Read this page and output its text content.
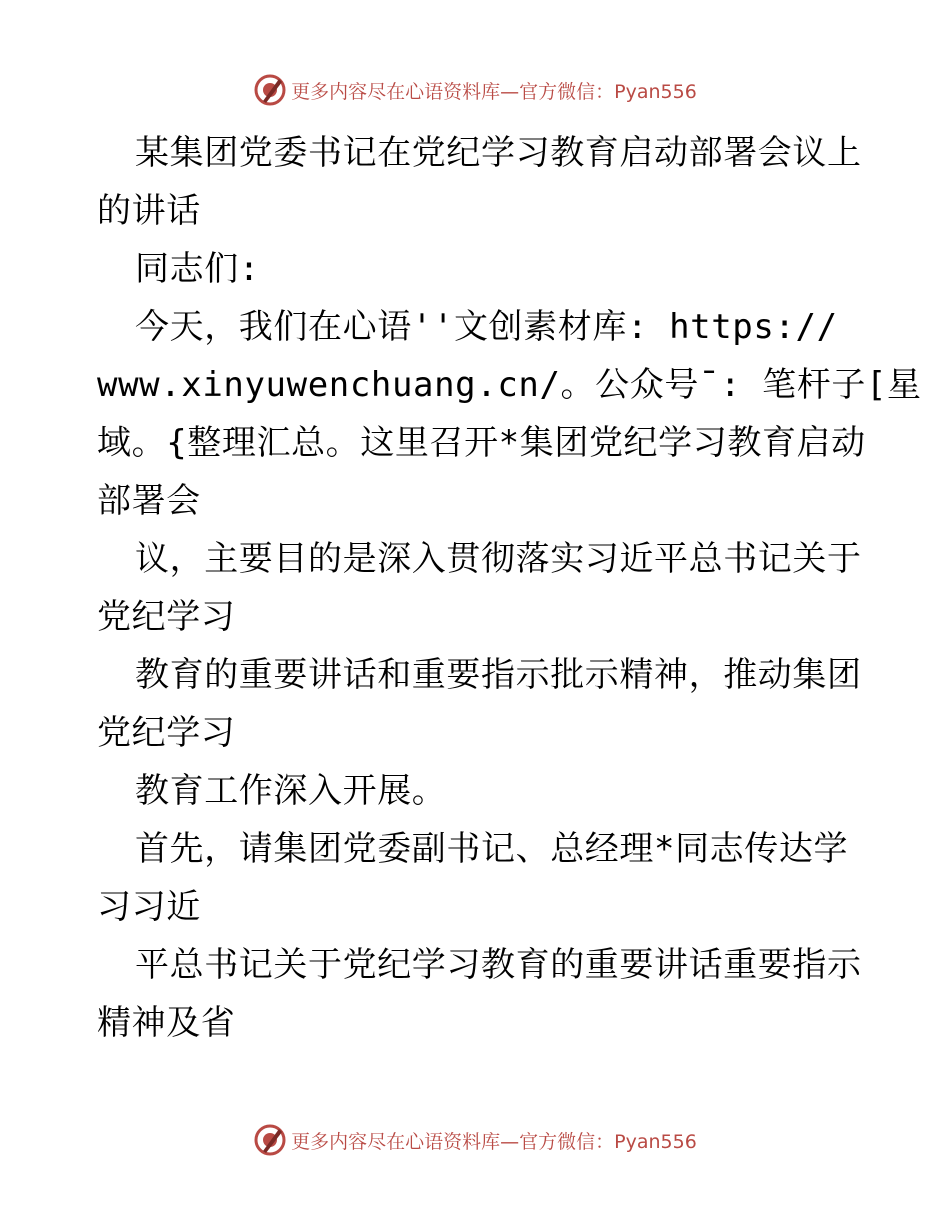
更多内容尽在心语资料库—官方微信：Pyan556
某集团党委书记在党纪学习教育启动部署会议上
的讲话
同志们:
今天，我们在心语''文创素材库: https://
www.xinyuwenchuang.cn/。公众号¯: 笔杆子[星
域。{整理汇总。这里召开*集团党纪学习教育启动
部署会
议，主要目的是深入贯彻落实习近平总书记关于
党纪学习
教育的重要讲话和重要指示批示精神，推动集团
党纪学习
教育工作深入开展。
首先，请集团党委副书记、总经理*同志传达学
习习近
平总书记关于党纪学习教育的重要讲话重要指示
精神及省
更多内容尽在心语资料库—官方微信：Pyan556
